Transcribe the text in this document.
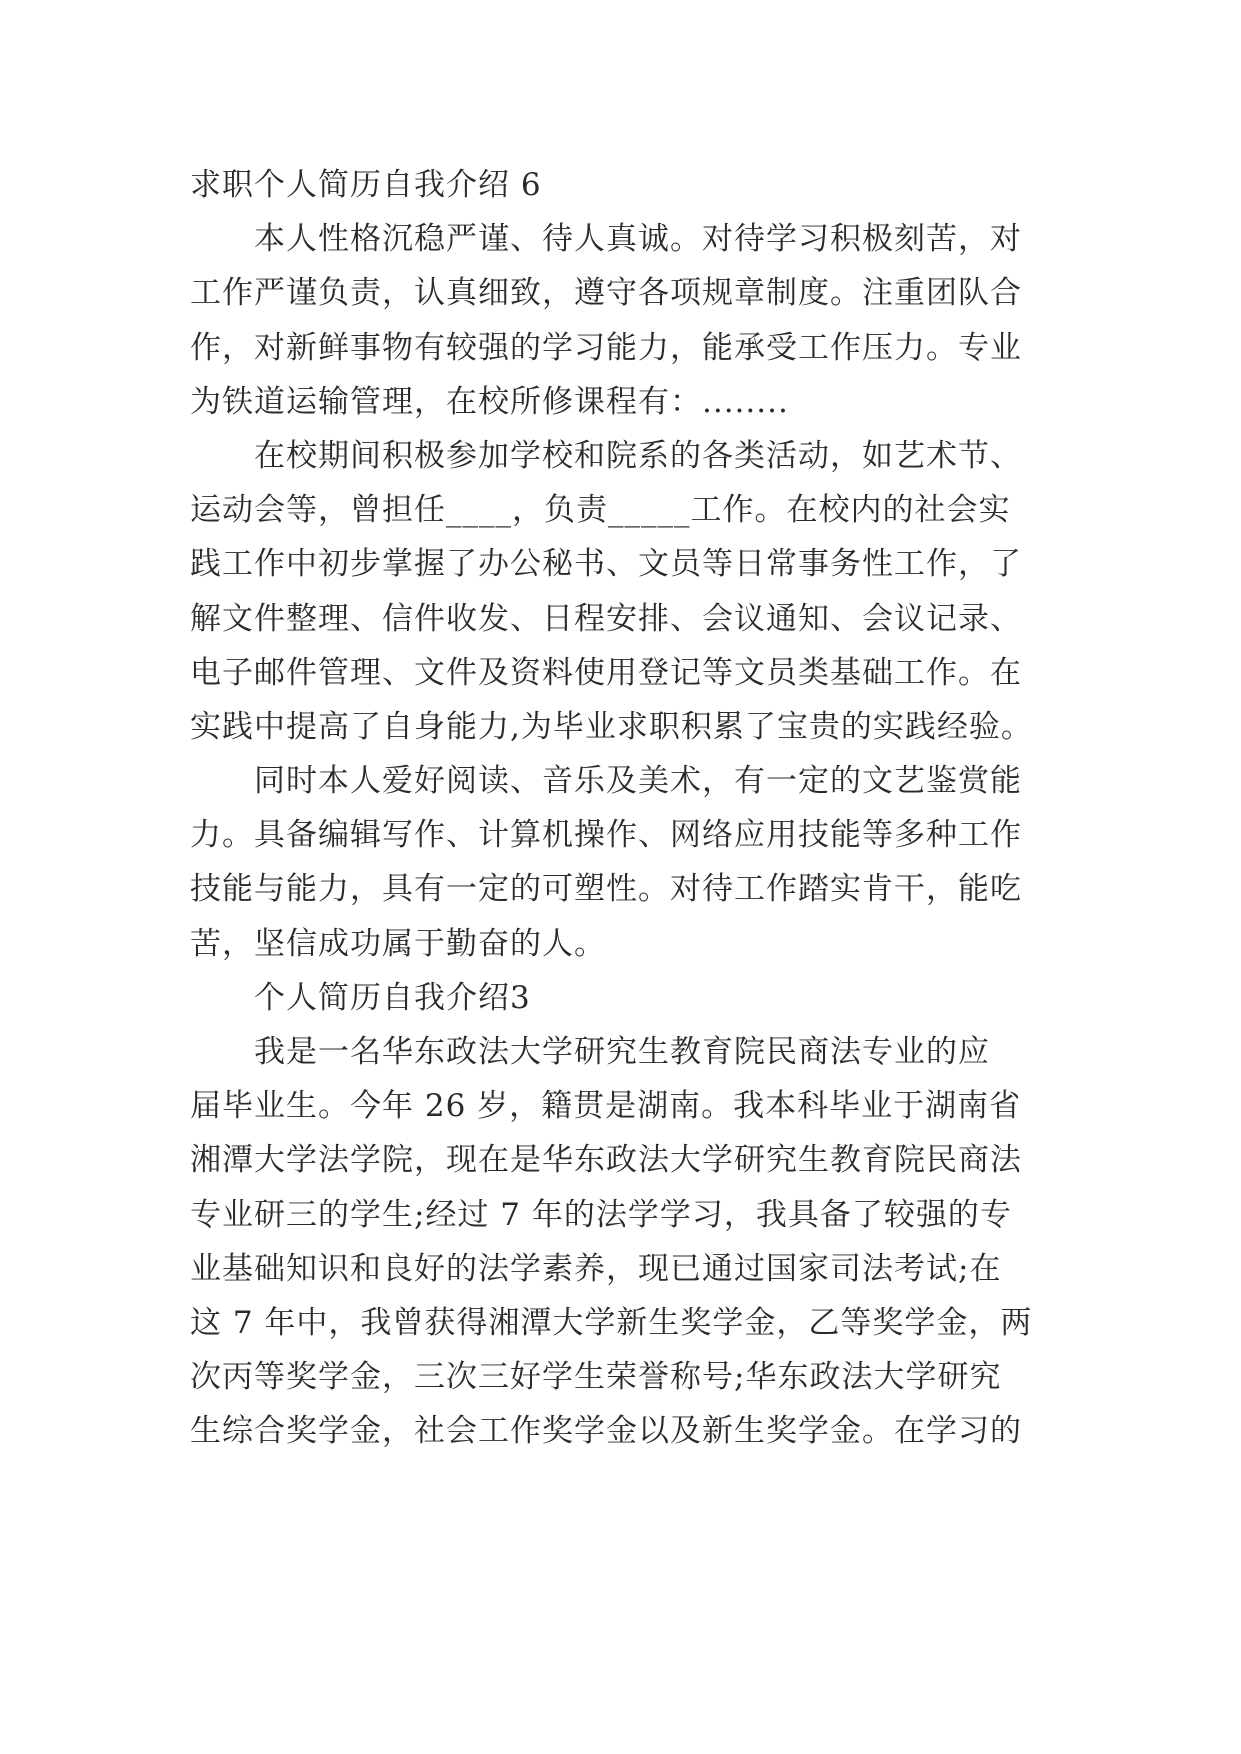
求职个人简历自我介绍 6
本人性格沉稳严谨、待人真诚。对待学习积极刻苦，对
工作严谨负责，认真细致，遵守各项规章制度。注重团队合
作，对新鲜事物有较强的学习能力，能承受工作压力。专业
为铁道运输管理，在校所修课程有：........
在校期间积极参加学校和院系的各类活动，如艺术节、
运动会等，曾担任____，负责_____工作。在校内的社会实
践工作中初步掌握了办公秘书、文员等日常事务性工作，了
解文件整理、信件收发、日程安排、会议通知、会议记录、
电子邮件管理、文件及资料使用登记等文员类基础工作。在
实践中提高了自身能力,为毕业求职积累了宝贵的实践经验。
同时本人爱好阅读、音乐及美术，有一定的文艺鉴赏能
力。具备编辑写作、计算机操作、网络应用技能等多种工作
技能与能力，具有一定的可塑性。对待工作踏实肯干，能吃
苦，坚信成功属于勤奋的人。
个人简历自我介绍3
我是一名华东政法大学研究生教育院民商法专业的应
届毕业生。今年 26 岁，籍贯是湖南。我本科毕业于湖南省
湘潭大学法学院，现在是华东政法大学研究生教育院民商法
专业研三的学生;经过 7 年的法学学习，我具备了较强的专
业基础知识和良好的法学素养，现已通过国家司法考试;在
这 7 年中，我曾获得湘潭大学新生奖学金，乙等奖学金，两
次丙等奖学金，三次三好学生荣誉称号;华东政法大学研究
生综合奖学金，社会工作奖学金以及新生奖学金。在学习的
